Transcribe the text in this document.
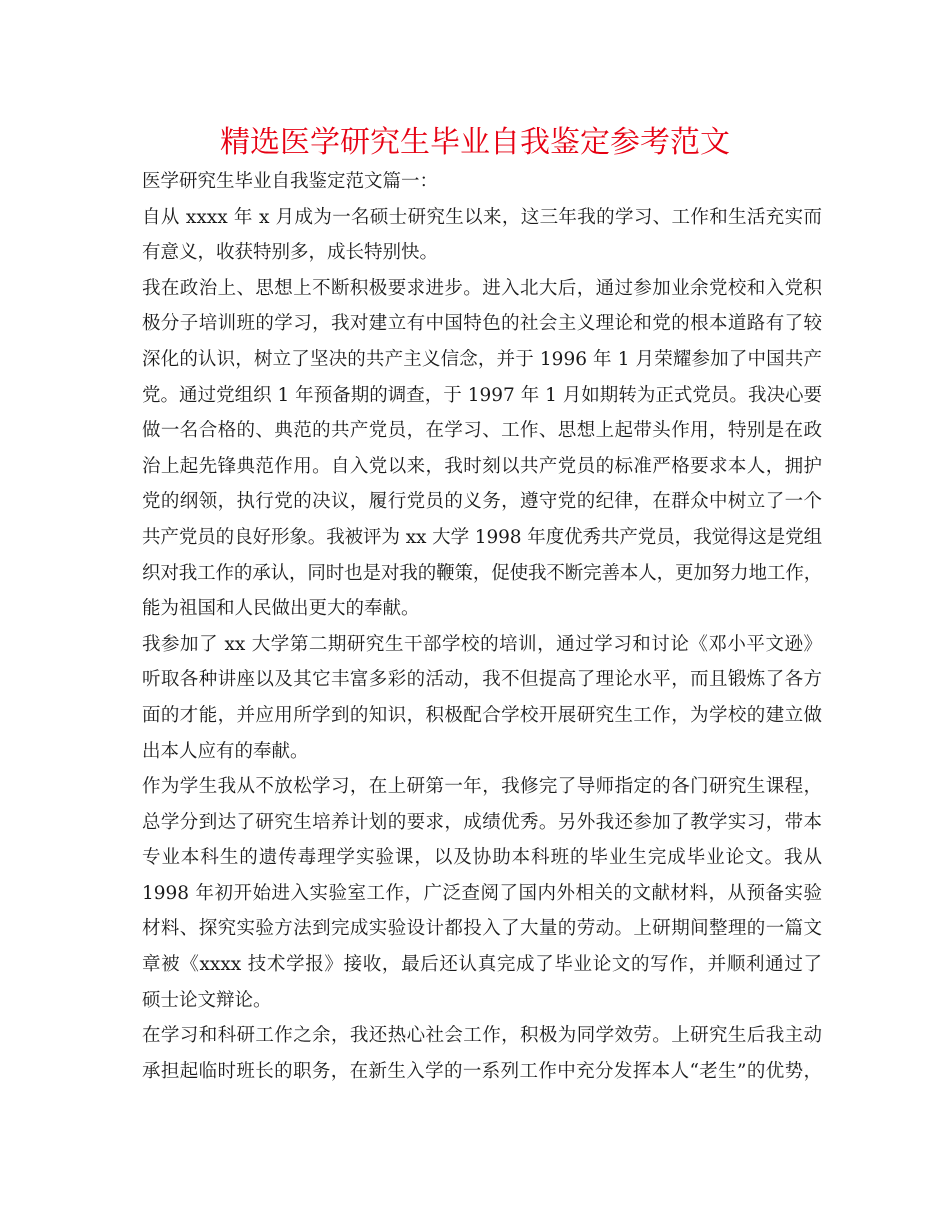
精选医学研究生毕业自我鉴定参考范文
医学研究生毕业自我鉴定范文篇一：
自从 xxxx 年 x 月成为一名硕士研究生以来，这三年我的学习、工作和生活充实而
有意义，收获特别多，成长特别快。
我在政治上、思想上不断积极要求进步。进入北大后，通过参加业余党校和入党积
极分子培训班的学习，我对建立有中国特色的社会主义理论和党的根本道路有了较
深化的认识，树立了坚决的共产主义信念，并于 1996 年 1 月荣耀参加了中国共产
党。通过党组织 1 年预备期的调查，于 1997 年 1 月如期转为正式党员。我决心要
做一名合格的、典范的共产党员，在学习、工作、思想上起带头作用，特别是在政
治上起先锋典范作用。自入党以来，我时刻以共产党员的标准严格要求本人，拥护
党的纲领，执行党的决议，履行党员的义务，遵守党的纪律，在群众中树立了一个
共产党员的良好形象。我被评为 xx 大学 1998 年度优秀共产党员，我觉得这是党组
织对我工作的承认，同时也是对我的鞭策，促使我不断完善本人，更加努力地工作，
能为祖国和人民做出更大的奉献。
我参加了 xx 大学第二期研究生干部学校的培训，通过学习和讨论《邓小平文逊》
听取各种讲座以及其它丰富多彩的活动，我不但提高了理论水平，而且锻炼了各方
面的才能，并应用所学到的知识，积极配合学校开展研究生工作，为学校的建立做
出本人应有的奉献。
作为学生我从不放松学习，在上研第一年，我修完了导师指定的各门研究生课程，
总学分到达了研究生培养计划的要求，成绩优秀。另外我还参加了教学实习，带本
专业本科生的遗传毒理学实验课，以及协助本科班的毕业生完成毕业论文。我从
1998 年初开始进入实验室工作，广泛查阅了国内外相关的文献材料，从预备实验
材料、探究实验方法到完成实验设计都投入了大量的劳动。上研期间整理的一篇文
章被《xxxx 技术学报》接收，最后还认真完成了毕业论文的写作，并顺利通过了
硕士论文辩论。
在学习和科研工作之余，我还热心社会工作，积极为同学效劳。上研究生后我主动
承担起临时班长的职务，在新生入学的一系列工作中充分发挥本人“老生”的优势，
